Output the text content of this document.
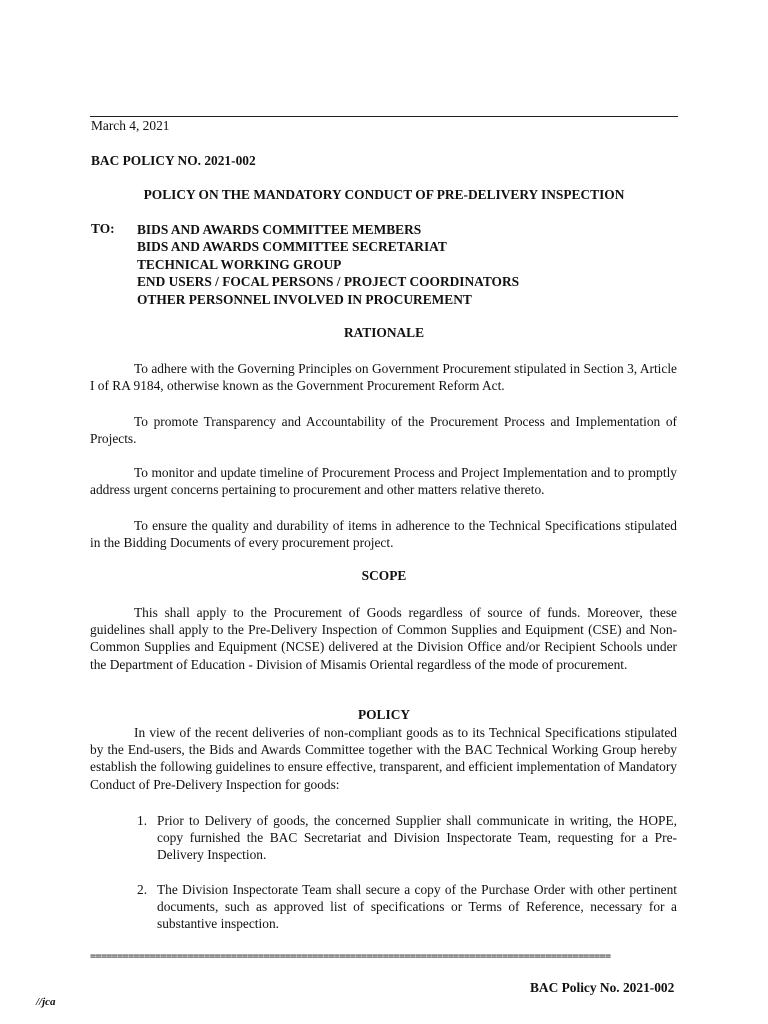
March 4, 2021
BAC POLICY NO. 2021-002
POLICY ON THE MANDATORY CONDUCT OF PRE-DELIVERY INSPECTION
TO: BIDS AND AWARDS COMMITTEE MEMBERS
BIDS AND AWARDS COMMITTEE SECRETARIAT
TECHNICAL WORKING GROUP
END USERS / FOCAL PERSONS / PROJECT COORDINATORS
OTHER PERSONNEL INVOLVED IN PROCUREMENT
RATIONALE

To adhere with the Governing Principles on Government Procurement stipulated in Section 3, Article I of RA 9184, otherwise known as the Government Procurement Reform Act.

To promote Transparency and Accountability of the Procurement Process and Implementation of Projects.

To monitor and update timeline of Procurement Process and Project Implementation and to promptly address urgent concerns pertaining to procurement and other matters relative thereto.

To ensure the quality and durability of items in adherence to the Technical Specifications stipulated in the Bidding Documents of every procurement project.

SCOPE

This shall apply to the Procurement of Goods regardless of source of funds. Moreover, these guidelines shall apply to the Pre-Delivery Inspection of Common Supplies and Equipment (CSE) and Non-Common Supplies and Equipment (NCSE) delivered at the Division Office and/or Recipient Schools under the Department of Education - Division of Misamis Oriental regardless of the mode of procurement.

POLICY

In view of the recent deliveries of non-compliant goods as to its Technical Specifications stipulated by the End-users, the Bids and Awards Committee together with the BAC Technical Working Group hereby establish the following guidelines to ensure effective, transparent, and efficient implementation of Mandatory Conduct of Pre-Delivery Inspection for goods:

1. Prior to Delivery of goods, the concerned Supplier shall communicate in writing, the HOPE, copy furnished the BAC Secretariat and Division Inspectorate Team, requesting for a Pre-Delivery Inspection.
2. The Division Inspectorate Team shall secure a copy of the Purchase Order with other pertinent documents, such as approved list of specifications or Terms of Reference, necessary for a substantive inspection.
================================================================================================
BAC Policy No. 2021-002
//jca
